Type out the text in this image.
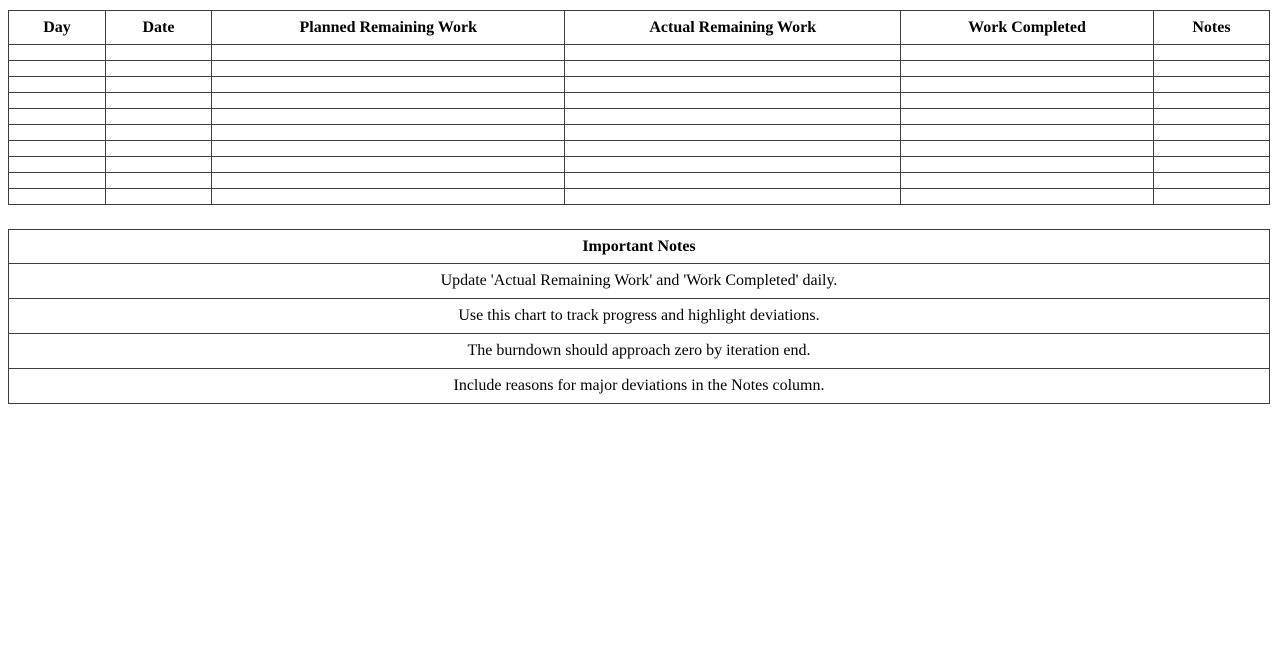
Day	Date	Planned Remaining Work	Actual Remaining Work	Work Completed	Notes

Important Notes
Update 'Actual Remaining Work' and 'Work Completed' daily.
Use this chart to track progress and highlight deviations.
The burndown should approach zero by iteration end.
Include reasons for major deviations in the Notes column.
